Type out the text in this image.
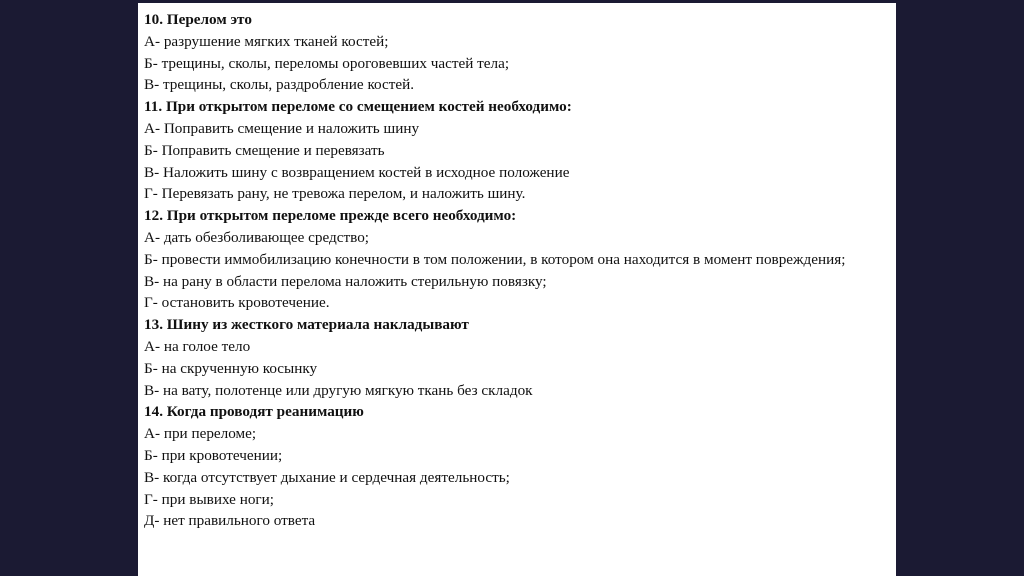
10. Перелом это
А- разрушение мягких тканей костей;
Б- трещины, сколы, переломы ороговевших частей тела;
В- трещины, сколы, раздробление костей.
11. При открытом переломе со смещением костей необходимо:
А- Поправить смещение и наложить шину
Б- Поправить смещение и перевязать
В- Наложить шину с возвращением костей в исходное положение
Г- Перевязать рану, не тревожа перелом, и наложить шину.
12. При открытом переломе прежде всего необходимо:
А- дать обезболивающее средство;
Б- провести иммобилизацию конечности в том положении, в котором она находится в момент повреждения;
В- на рану в области перелома наложить стерильную повязку;
Г- остановить кровотечение.
13. Шину из жесткого материала накладывают
А- на голое тело
Б- на скрученную косынку
В- на вату, полотенце или другую мягкую ткань без складок
14. Когда проводят реанимацию
А- при переломе;
Б- при кровотечении;
В- когда отсутствует дыхание и сердечная деятельность;
Г- при вывихе ноги;
Д- нет правильного ответа
